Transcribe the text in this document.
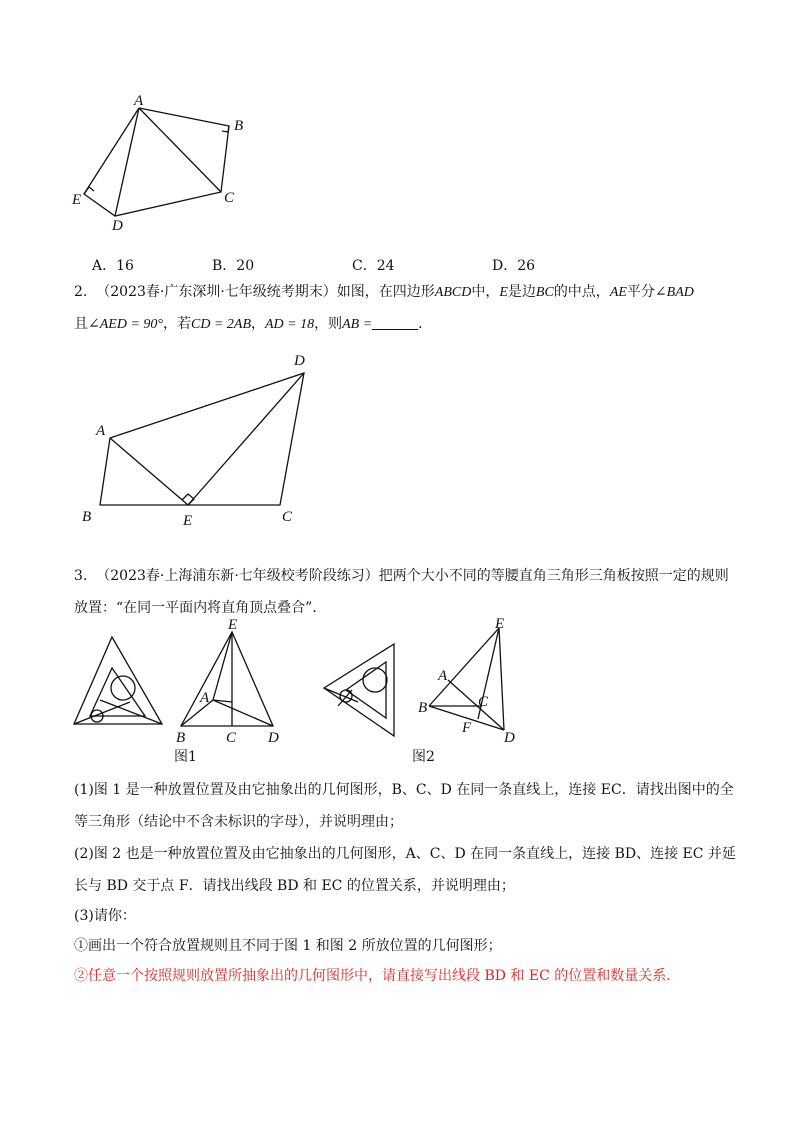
A
B
C
D
E
A．16	B．20	C．24	D．26
2. （2023春·广东深圳·七年级统考期末）如图，在四边形ABCD中，E是边BC的中点，AE平分∠BAD
且∠AED = 90°，若CD = 2AB，AD = 18，则AB =	．
A
B	C
D
E
3. （2023春·上海浦东新·七年级校考阶段练习）把两个大小不同的等腰直角三角形三角板按照一定的规则
放置：“在同一平面内将直角顶点叠合”．
E
A
B	C D
图1
E
A
B	C
F
D
图2
(1)图 1 是一种放置位置及由它抽象出的几何图形，B、C、D 在同一条直线上，连接 EC．请找出图中的全
等三角形（结论中不含未标识的字母），并说明理由；
(2)图 2 也是一种放置位置及由它抽象出的几何图形，A、C、D 在同一条直线上，连接 BD、连接 EC 并延
长与 BD 交于点 F．请找出线段 BD 和 EC 的位置关系，并说明理由；
(3)请你：
①画出一个符合放置规则且不同于图 1 和图 2 所放位置的几何图形；
②任意一个按照规则放置所抽象出的几何图形中，请直接写出线段 BD 和 EC 的位置和数量关系．
